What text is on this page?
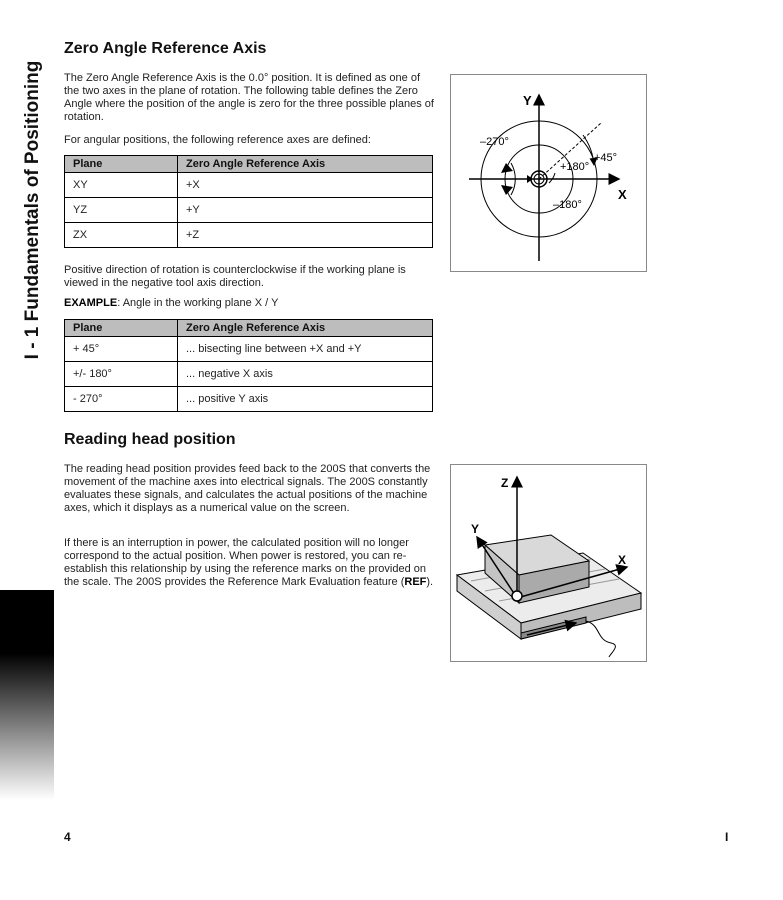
I - 1 Fundamentals of Positioning
Zero Angle Reference Axis
The Zero Angle Reference Axis is the 0.0° position. It is defined as one of the two axes in the plane of rotation. The following table defines the Zero Angle where the position of the angle is zero for the three possible planes of rotation.
For angular positions, the following reference axes are defined:
Plane	Zero Angle Reference Axis
XY	+X
YZ	+Y
ZX	+Z
Positive direction of rotation is counterclockwise if the working plane is viewed in the negative tool axis direction.
EXAMPLE: Angle in the working plane X / Y
Plane	Zero Angle Reference Axis
+ 45°	... bisecting line between +X and +Y
+/- 180°	... negative X axis
- 270°	... positive Y axis
Y
X
–270°
+180°
+45°
–180°
Reading head position
The reading head position provides feed back to the 200S that converts the movement of the machine axes into electrical signals. The 200S constantly evaluates these signals, and calculates the actual positions of the machine axes, which it displays as a numerical value on the screen.
If there is an interruption in power, the calculated position will no longer correspond to the actual position. When power is restored, you can re-establish this relationship by using the reference marks on the provided on the scale. The 200S provides the Reference Mark Evaluation feature (REF).
Z
Y
X
4	I
